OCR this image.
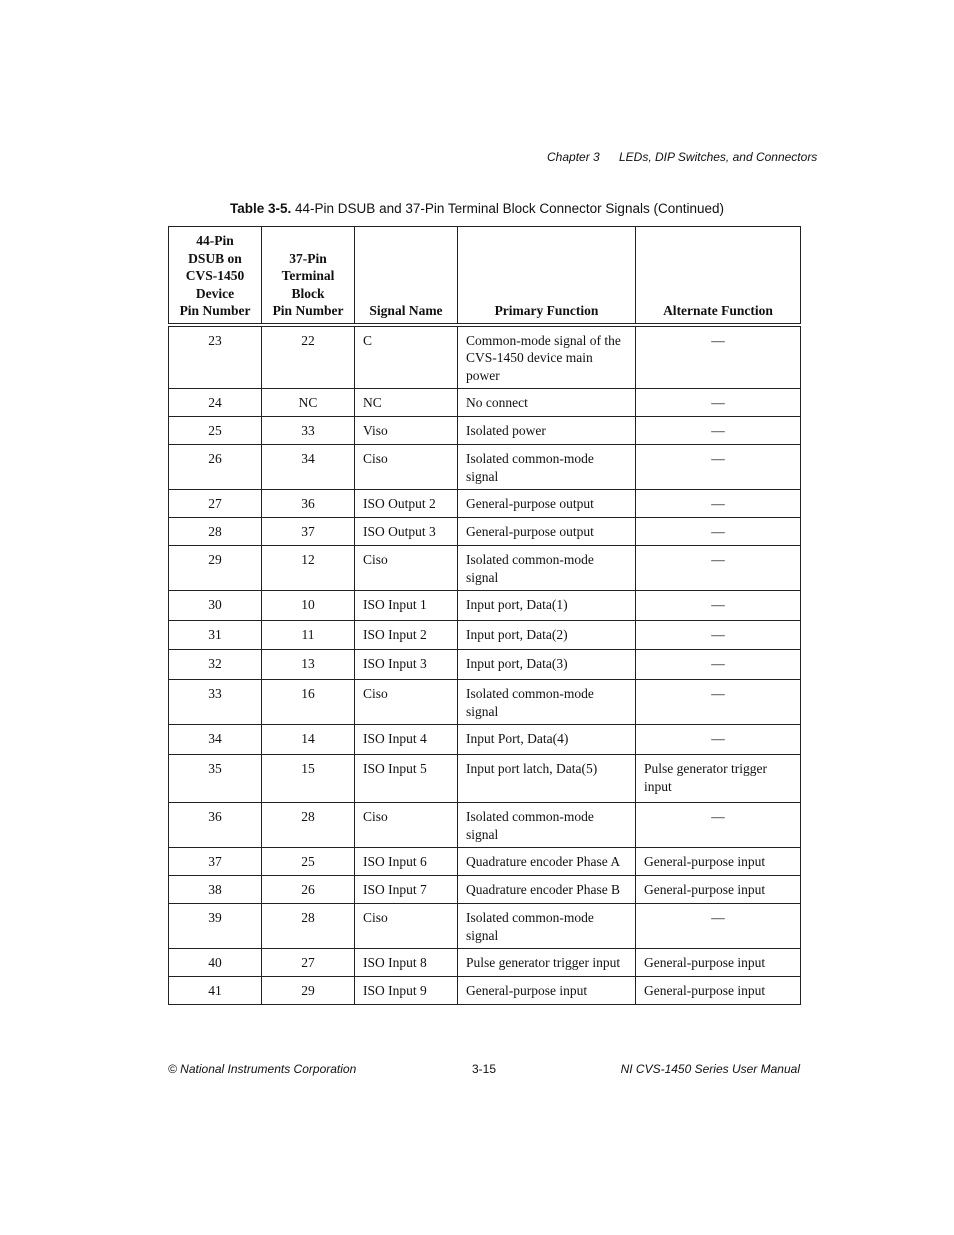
Chapter 3 LEDs, DIP Switches, and Connectors
Table 3-5. 44-Pin DSUB and 37-Pin Terminal Block Connector Signals (Continued)
44-Pin
DSUB on
CVS-1450
Device
Pin Number	37-Pin
Terminal
Block
Pin Number	Signal Name	Primary Function	Alternate Function
23	22	C	Common-mode signal of the CVS-1450 device main power	—
24	NC	NC	No connect	—
25	33	Viso	Isolated power	—
26	34	Ciso	Isolated common-mode signal	—
27	36	ISO Output 2	General-purpose output	—
28	37	ISO Output 3	General-purpose output	—
29	12	Ciso	Isolated common-mode signal	—
30	10	ISO Input 1	Input port, Data(1)	—
31	11	ISO Input 2	Input port, Data(2)	—
32	13	ISO Input 3	Input port, Data(3)	—
33	16	Ciso	Isolated common-mode signal	—
34	14	ISO Input 4	Input Port, Data(4)	—
35	15	ISO Input 5	Input port latch, Data(5)	Pulse generator trigger input
36	28	Ciso	Isolated common-mode signal	—
37	25	ISO Input 6	Quadrature encoder Phase A	General-purpose input
38	26	ISO Input 7	Quadrature encoder Phase B	General-purpose input
39	28	Ciso	Isolated common-mode signal	—
40	27	ISO Input 8	Pulse generator trigger input	General-purpose input
41	29	ISO Input 9	General-purpose input	General-purpose input
© National Instruments Corporation	3-15	NI CVS-1450 Series User Manual
